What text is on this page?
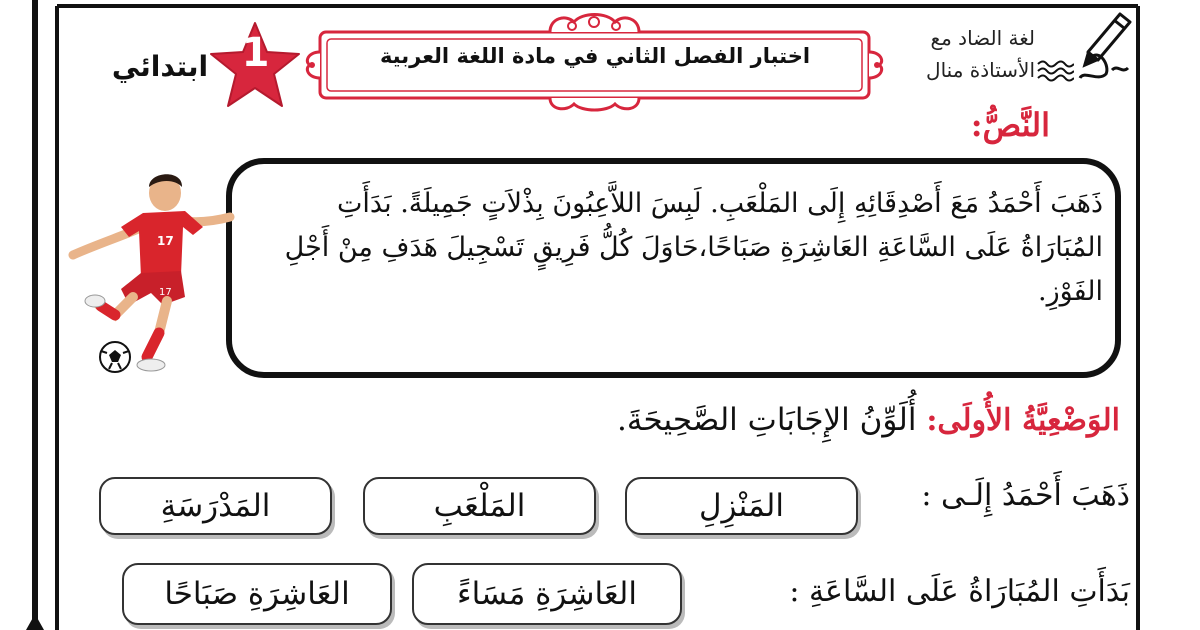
اختبار الفصل الثاني في مادة اللغة العربية
1
ابتدائي
لغة الضاد مع
الأستاذة منال
النَّصُّ:
ذَهَبَ أَحْمَدُ مَعَ أَصْدِقَائِهِ إِلَى المَلْعَبِ. لَبِسَ اللاَّعِبُونَ بِذْلاَتٍ جَمِيلَةً. بَدَأَتِ المُبَارَاةُ عَلَى السَّاعَةِ العَاشِرَةِ صَبَاحًا،حَاوَلَ كُلُّ فَرِيقٍ تَسْجِيلَ هَدَفِ مِنْ أَجْلِ الفَوْزِ.
17
17
الوَضْعِيَّةُ الأُولَى: أُلَوِّنُ الإِجَابَاتِ الصَّحِيحَةَ.
ذَهَبَ أَحْمَدُ إِلَـى :
المَنْزِلِ
المَلْعَبِ
المَدْرَسَةِ
بَدَأَتِ المُبَارَاةُ عَلَى السَّاعَةِ :
العَاشِرَةِ مَسَاءً
العَاشِرَةِ صَبَاحًا
